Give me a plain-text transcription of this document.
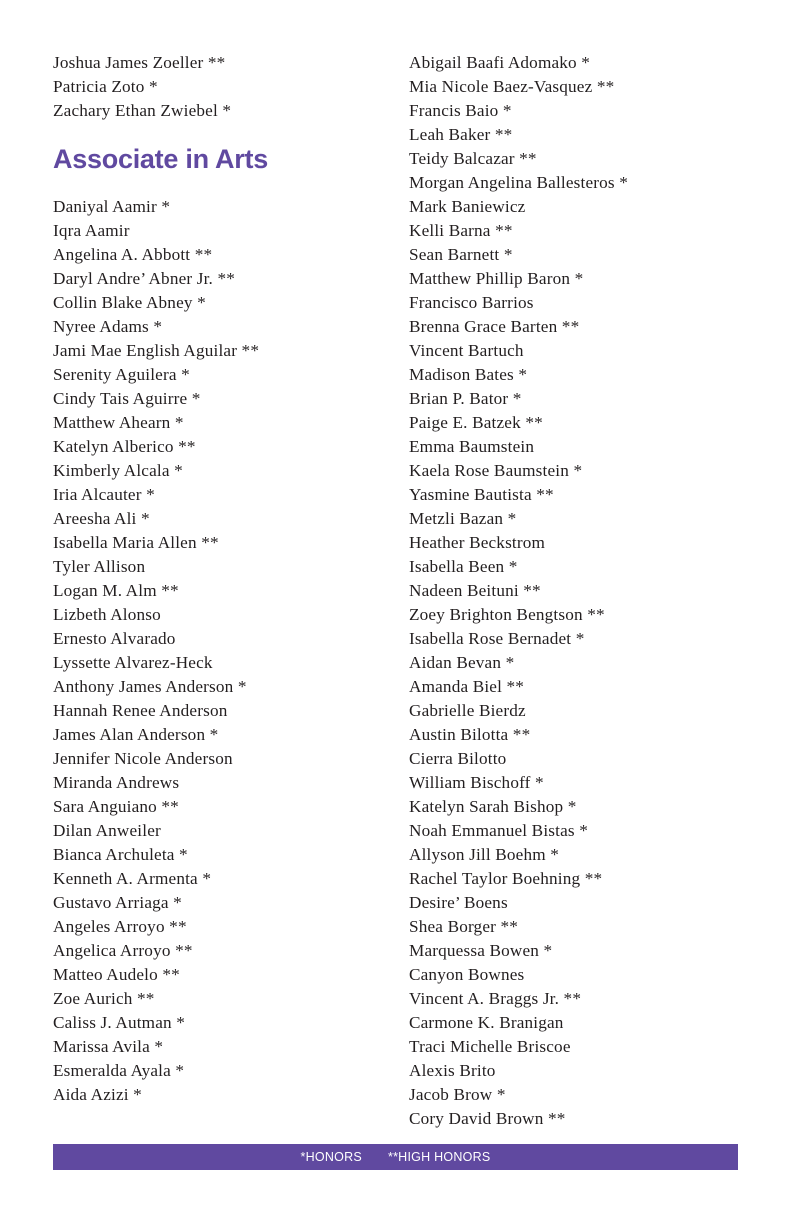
Joshua James Zoeller **
Patricia Zoto *
Zachary Ethan Zwiebel *
Associate in Arts
Daniyal Aamir *
Iqra Aamir
Angelina A. Abbott **
Daryl Andre’ Abner Jr. **
Collin Blake Abney *
Nyree Adams *
Jami Mae English Aguilar **
Serenity Aguilera *
Cindy Tais Aguirre *
Matthew Ahearn *
Katelyn Alberico **
Kimberly Alcala *
Iria Alcauter *
Areesha Ali *
Isabella Maria Allen **
Tyler Allison
Logan M. Alm **
Lizbeth Alonso
Ernesto Alvarado
Lyssette Alvarez-Heck
Anthony James Anderson *
Hannah Renee Anderson
James Alan Anderson *
Jennifer Nicole Anderson
Miranda Andrews
Sara Anguiano **
Dilan Anweiler
Bianca Archuleta *
Kenneth A. Armenta *
Gustavo Arriaga *
Angeles Arroyo **
Angelica Arroyo **
Matteo Audelo **
Zoe Aurich **
Caliss J. Autman *
Marissa Avila *
Esmeralda Ayala *
Aida Azizi *
Abigail Baafi Adomako *
Mia Nicole Baez-Vasquez **
Francis Baio *
Leah Baker **
Teidy Balcazar **
Morgan Angelina Ballesteros *
Mark Baniewicz
Kelli Barna **
Sean Barnett *
Matthew Phillip Baron *
Francisco Barrios
Brenna Grace Barten **
Vincent Bartuch
Madison Bates *
Brian P. Bator *
Paige E. Batzek **
Emma Baumstein
Kaela Rose Baumstein *
Yasmine Bautista **
Metzli Bazan *
Heather Beckstrom
Isabella Been *
Nadeen Beituni **
Zoey Brighton Bengtson **
Isabella Rose Bernadet *
Aidan Bevan *
Amanda Biel **
Gabrielle Bierdz
Austin Bilotta **
Cierra Bilotto
William Bischoff *
Katelyn Sarah Bishop *
Noah Emmanuel Bistas *
Allyson Jill Boehm *
Rachel Taylor Boehning **
Desire’ Boens
Shea Borger **
Marquessa Bowen *
Canyon Bownes
Vincent A. Braggs Jr. **
Carmone K. Branigan
Traci Michelle Briscoe
Alexis Brito
Jacob Brow *
Cory David Brown **
*HONORS **HIGH HONORS
